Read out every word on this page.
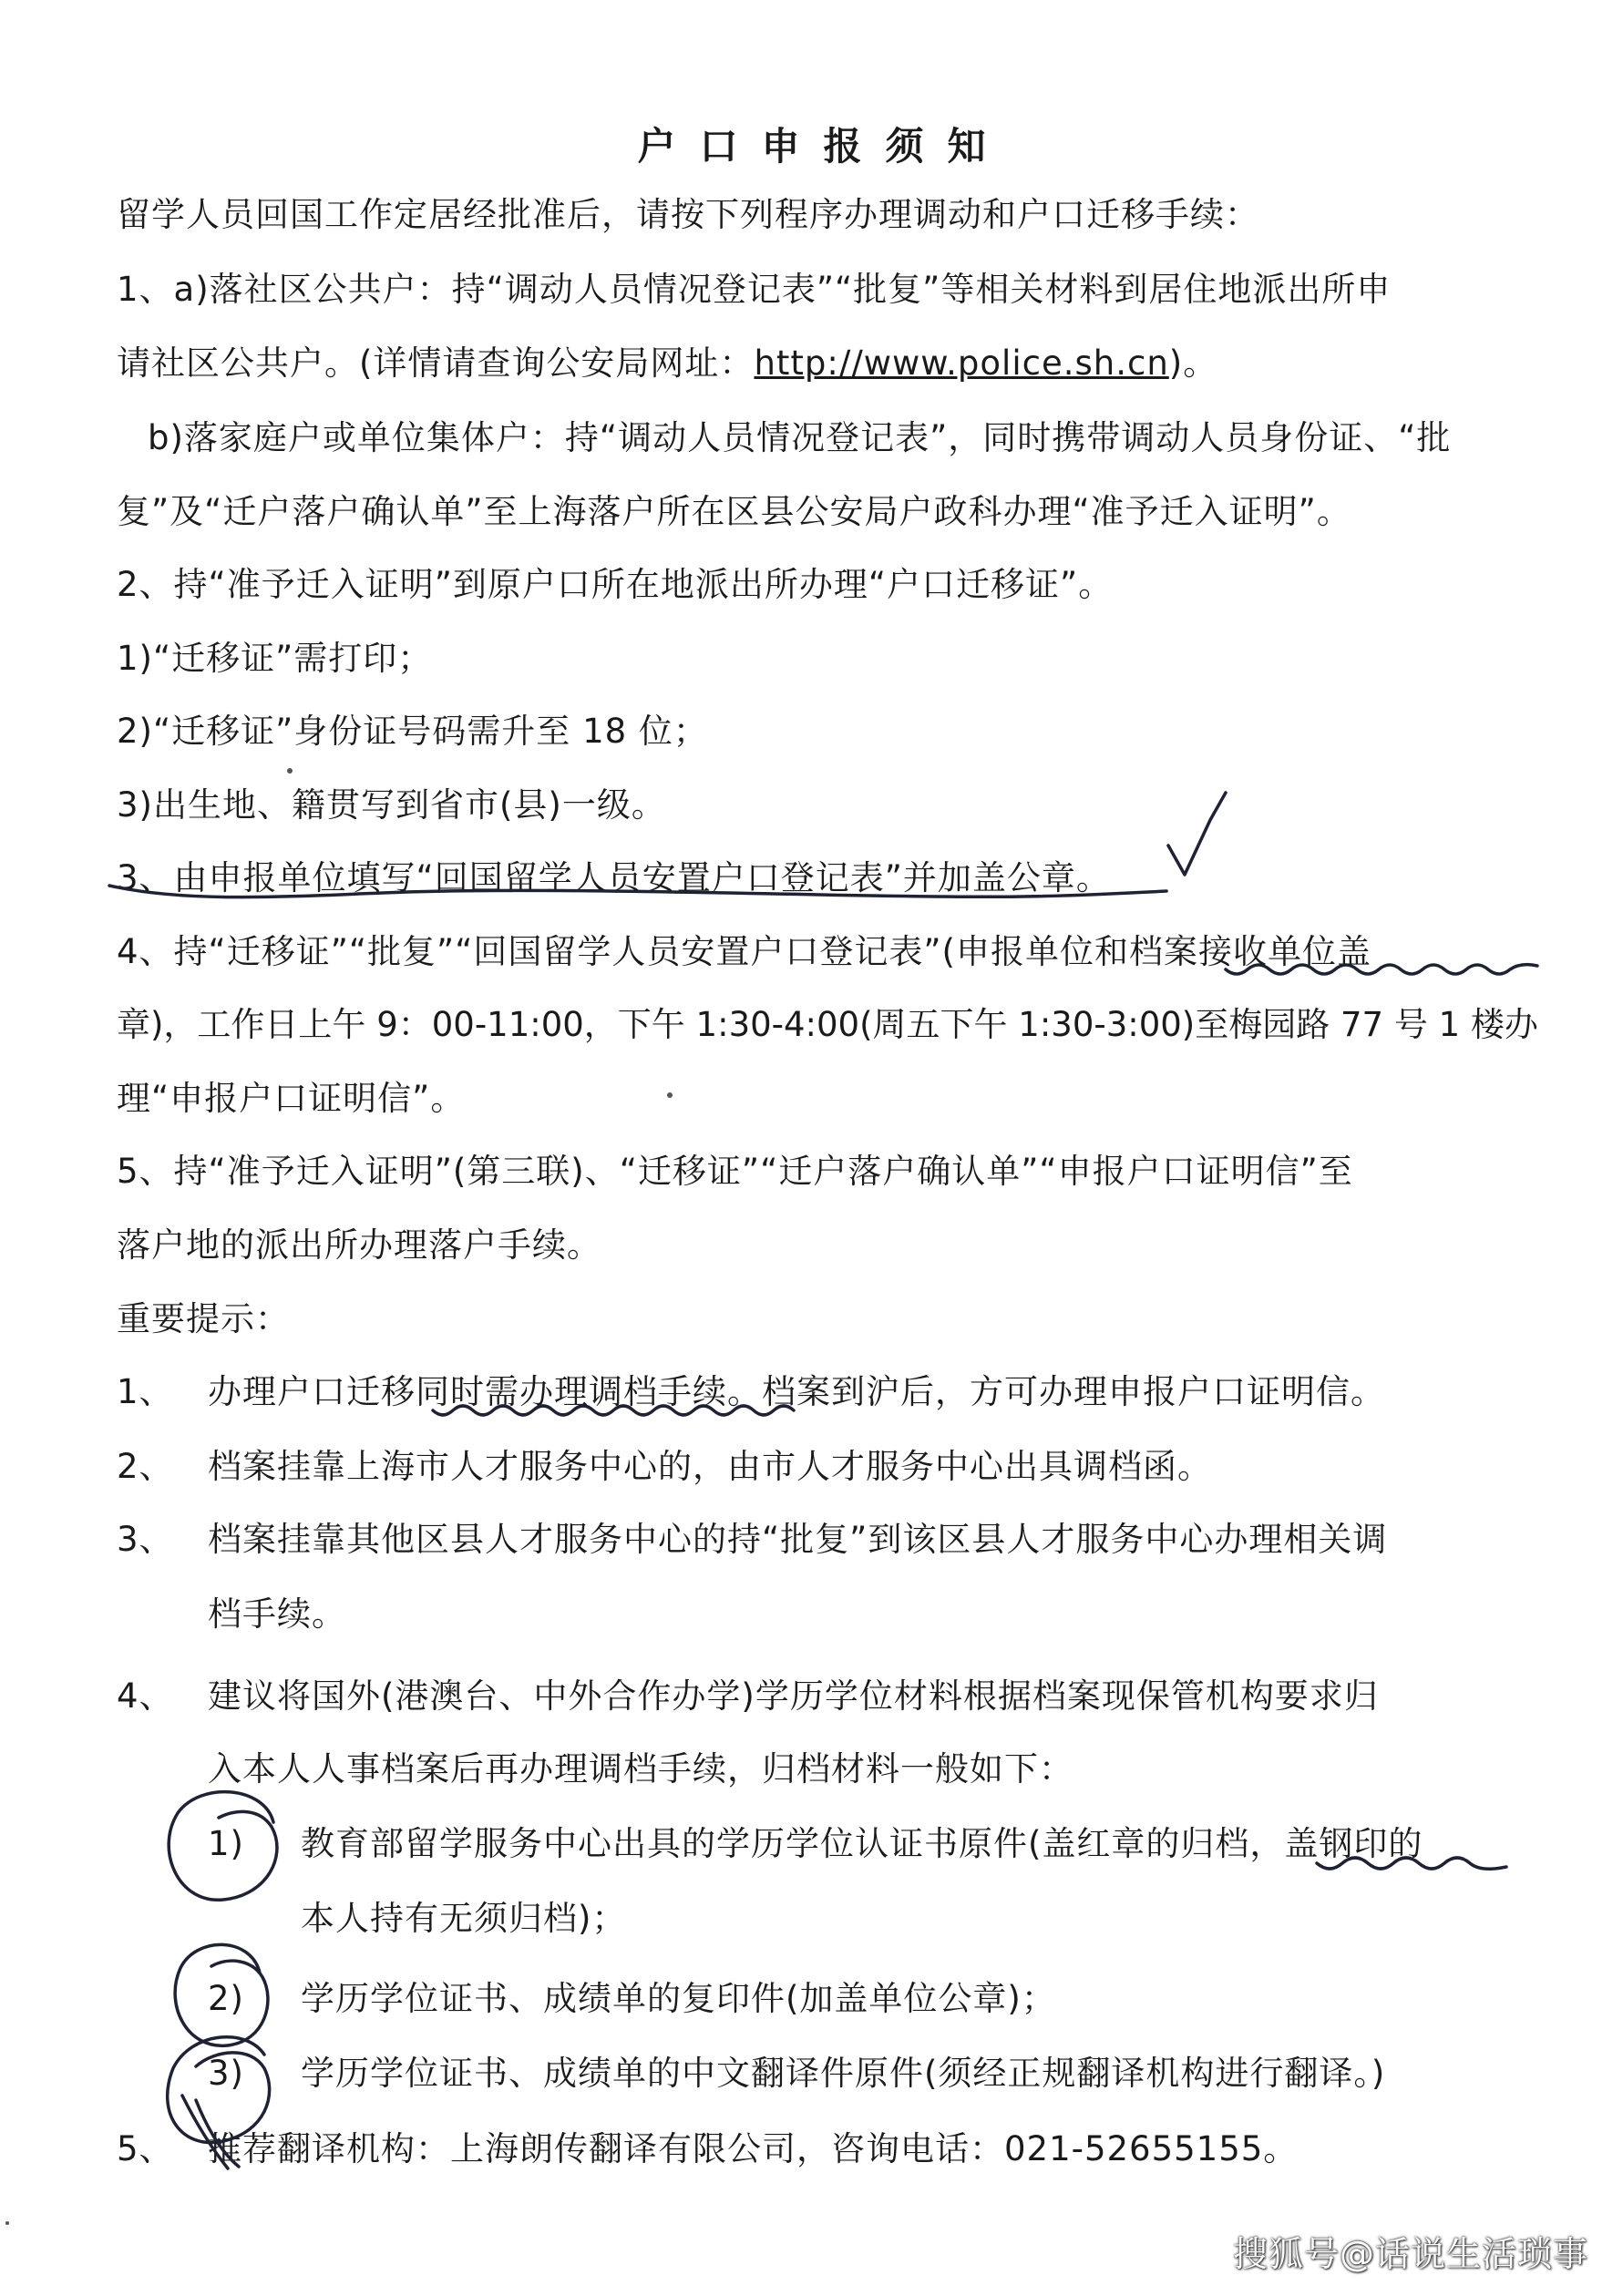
户口申报须知
留学人员回国工作定居经批准后，请按下列程序办理调动和户口迁移手续：
1、a)落社区公共户：持“调动人员情况登记表”“批复”等相关材料到居住地派出所申
请社区公共户。(详情请查询公安局网址：http://www.police.sh.cn)。
b)落家庭户或单位集体户：持“调动人员情况登记表”，同时携带调动人员身份证、“批
复”及“迁户落户确认单”至上海落户所在区县公安局户政科办理“准予迁入证明”。
2、持“准予迁入证明”到原户口所在地派出所办理“户口迁移证”。
1)“迁移证”需打印；
2)“迁移证”身份证号码需升至 18 位；
3)出生地、籍贯写到省市(县)一级。
3、由申报单位填写“回国留学人员安置户口登记表”并加盖公章。
4、持“迁移证”“批复”“回国留学人员安置户口登记表”(申报单位和档案接收单位盖
章)，工作日上午 9：00-11:00，下午 1:30-4:00(周五下午 1:30-3:00)至梅园路 77 号 1 楼办
理“申报户口证明信”。
5、持“准予迁入证明”(第三联)、“迁移证”“迁户落户确认单”“申报户口证明信”至
落户地的派出所办理落户手续。
重要提示：
1、 办理户口迁移同时需办理调档手续。档案到沪后，方可办理申报户口证明信。
2、 档案挂靠上海市人才服务中心的，由市人才服务中心出具调档函。
3、 档案挂靠其他区县人才服务中心的持“批复”到该区县人才服务中心办理相关调
档手续。
4、 建议将国外(港澳台、中外合作办学)学历学位材料根据档案现保管机构要求归
入本人人事档案后再办理调档手续，归档材料一般如下：
1) 教育部留学服务中心出具的学历学位认证书原件(盖红章的归档，盖钢印的
本人持有无须归档)；
2) 学历学位证书、成绩单的复印件(加盖单位公章)；
3) 学历学位证书、成绩单的中文翻译件原件(须经正规翻译机构进行翻译。)
5、 推荐翻译机构：上海朗传翻译有限公司，咨询电话：021-52655155。
搜狐号@话说生活琐事
